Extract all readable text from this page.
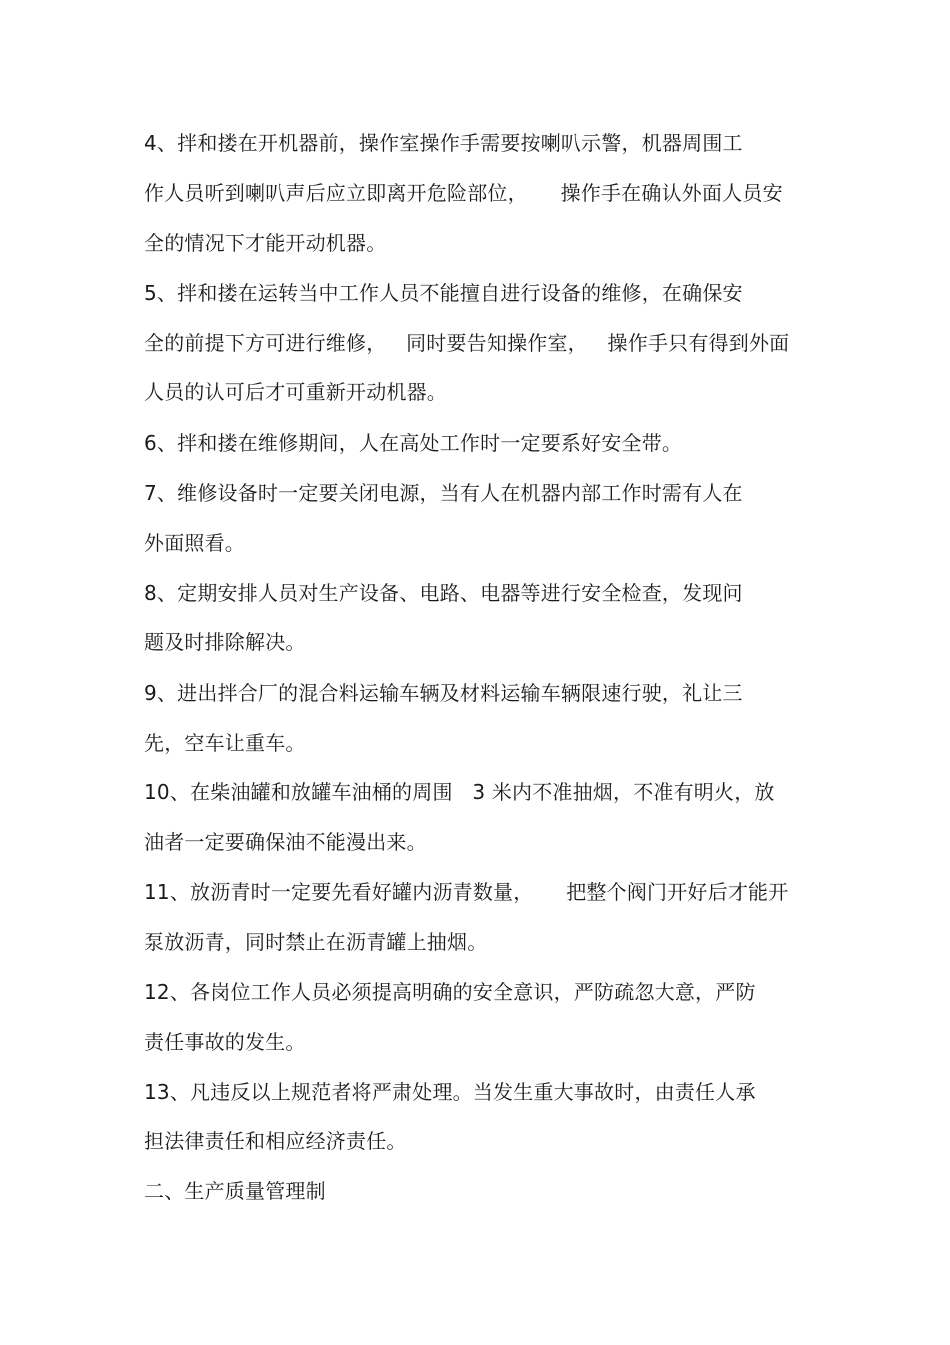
4、拌和搂在开机器前，操作室操作手需要按喇叭示警，机器周围工
作人员听到喇叭声后应立即离开危险部位，     操作手在确认外面人员安
全的情况下才能开动机器。
5、拌和搂在运转当中工作人员不能擅自进行设备的维修，在确保安
全的前提下方可进行维修，   同时要告知操作室，   操作手只有得到外面
人员的认可后才可重新开动机器。
6、拌和搂在维修期间，人在高处工作时一定要系好安全带。
7、维修设备时一定要关闭电源，当有人在机器内部工作时需有人在
外面照看。
8、定期安排人员对生产设备、电路、电器等进行安全检查，发现问
题及时排除解决。
9、进出拌合厂的混合料运输车辆及材料运输车辆限速行驶，礼让三
先，空车让重车。
10、在柴油罐和放罐车油桶的周围   3 米内不准抽烟，不准有明火，放
油者一定要确保油不能漫出来。
11、放沥青时一定要先看好罐内沥青数量，     把整个阀门开好后才能开
泵放沥青，同时禁止在沥青罐上抽烟。
12、各岗位工作人员必须提高明确的安全意识，严防疏忽大意，严防
责任事故的发生。
13、凡违反以上规范者将严肃处理。当发生重大事故时，由责任人承
担法律责任和相应经济责任。
二、生产质量管理制
